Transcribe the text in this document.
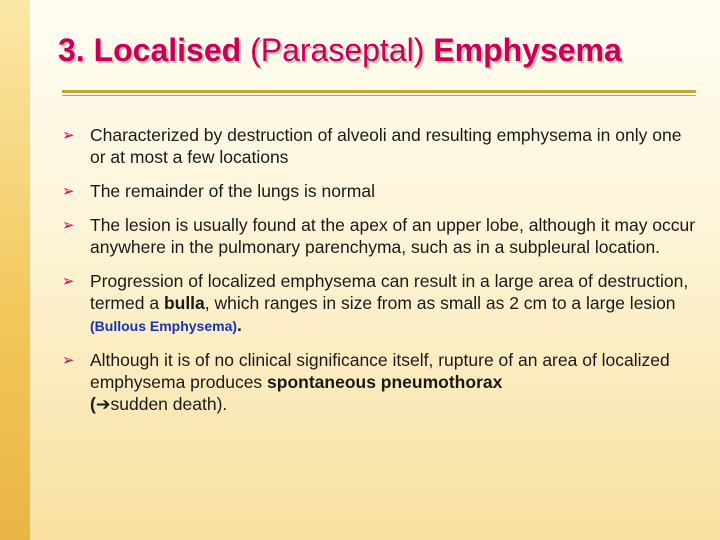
3. Localised (Paraseptal) Emphysema
➢ Characterized by destruction of alveoli and resulting emphysema in only one or at most a few locations
➢ The remainder of the lungs is normal
➢ The lesion is usually found at the apex of an upper lobe, although it may occur anywhere in the pulmonary parenchyma, such as in a subpleural location.
➢ Progression of localized emphysema can result in a large area of destruction, termed a bulla, which ranges in size from as small as 2 cm to a large lesion (Bullous Emphysema).
➢ Although it is of no clinical significance itself, rupture of an area of localized emphysema produces spontaneous pneumothorax
(➔sudden death).
